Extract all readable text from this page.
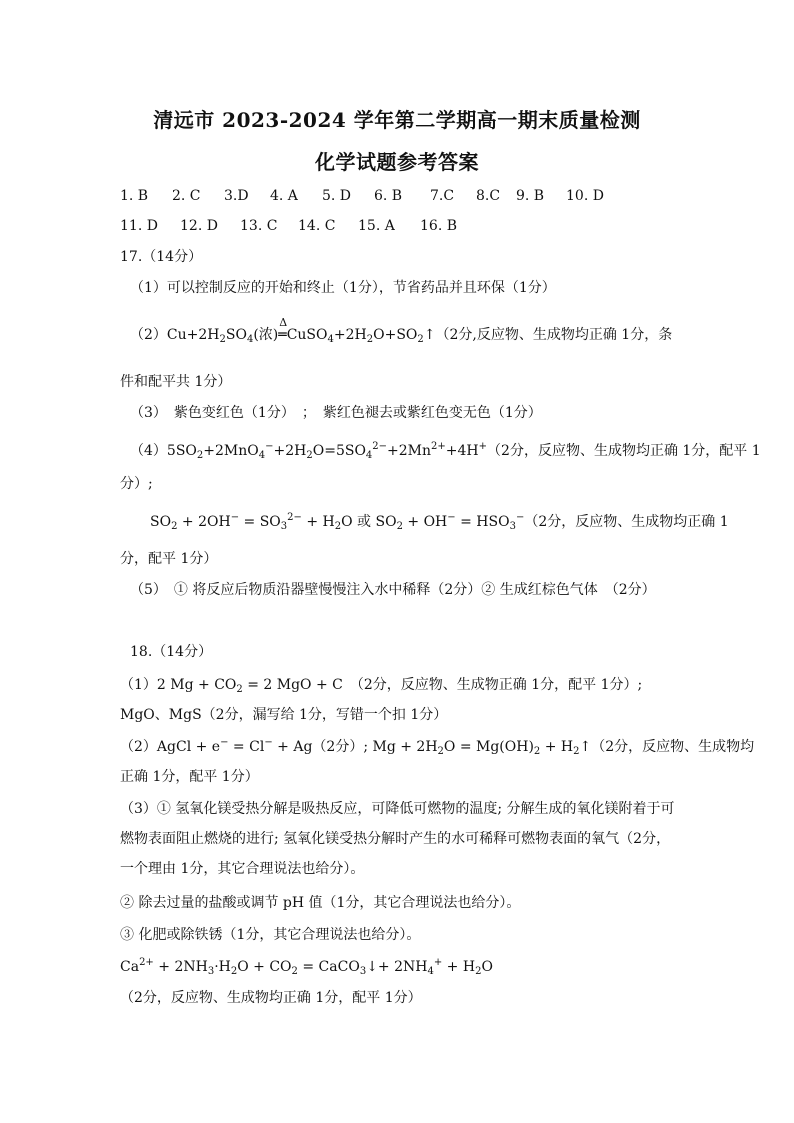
清远市 2023-2024 学年第二学期高一期末质量检测
化学试题参考答案
1. B 2. C 3.D 4. A 5. D 6. B 7.C 8.C 9. B 10. D
11. D 12. D 13. C 14. C 15. A 16. B
17.（14分）
（1）可以控制反应的开始和终止（1分），节省药品并且环保（1分）
$(2)Cu+2H_2SO_4$(浓)
Δ
$═CuSO_4+2H_2O+SO_2↑(2$分,反应物、生成物均正确 1分，条
件和配平共 1分）
（3）　紫色变红色（1分）　；　紫红色褪去或紫红色变无色（1分）
$(4)5SO_2+2MnO_4^-+2H_2O=5SO_4^{2-}+2Mn^{2+}+4H^+(2$分，反应物、生成物均正确 1分，配平 1
分）;
$SO_2 + 2OH^- = SO_3^{2-} + H_2O$ 或 $SO_2 + OH^- = HSO_3^-(2$分，反应物、生成物均正确 1
分，配平 1分）
（5）　① 将反应后物质沿器壁慢慢注入水中稀释（2分）② 生成红棕色气体　（2分）
18.（14分）
（1）2 $Mg + CO_2 = 2$ MgO + C　（2分，反应物、生成物正确 1分，配平 1分）;
MgO、MgS（2分，漏写给 1分，写错一个扣 1分）
（2）AgCl + e− = Cl− + Ag（2分）; $Mg + 2H_2O = Mg(OH)_2$ + $H_2↑(2$分，反应物、生成物均
正确 1分，配平 1分）
（3）① 氢氧化镁受热分解是吸热反应，可降低可燃物的温度; 分解生成的氧化镁附着于可
燃物表面阻止燃烧的进行; 氢氧化镁受热分解时产生的水可稀释可燃物表面的氧气（2分，
一个理由 1分，其它合理说法也给分）。
② 除去过量的盐酸或调节 pH 值（1分，其它合理说法也给分）。
③ 化肥或除铁锈（1分，其它合理说法也给分）。
$Ca^{2+} + 2NH_3\cdot H_2O + CO_2$ = CaCO$_3$↓+ $2NH_4^+ + H_2O$
（2分，反应物、生成物均正确 1分，配平 1分）
